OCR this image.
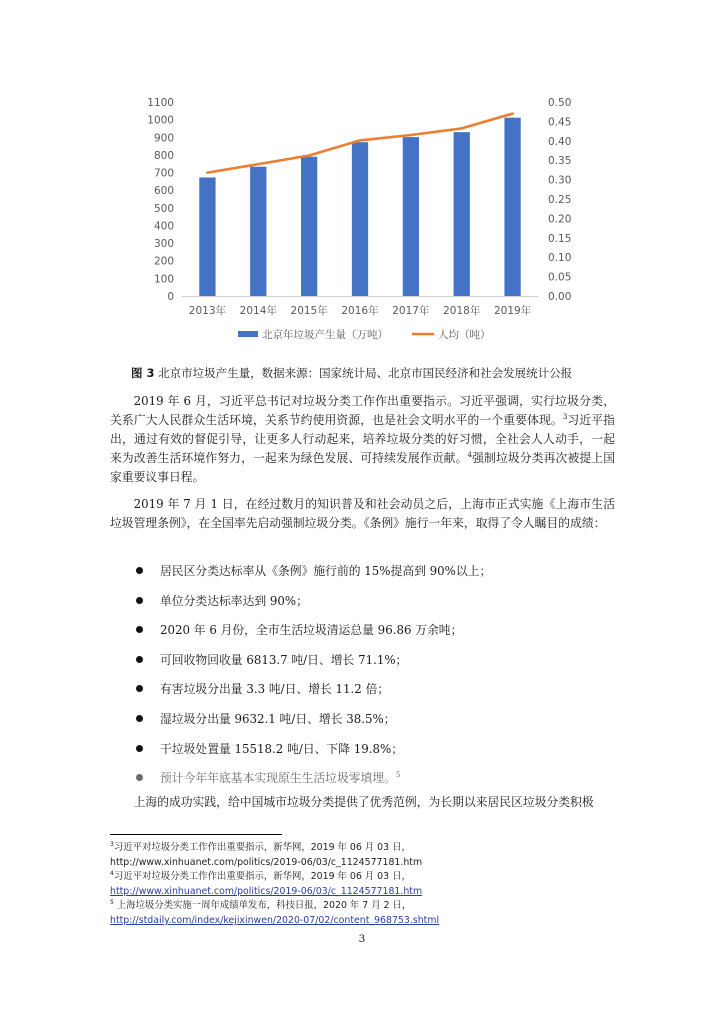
0
100
200
300
400
500
600
700
800
900
1000
1100
0.00
0.05
0.10
0.15
0.20
0.25
0.30
0.35
0.40
0.45
0.50
2013年 2014年 2015年 2016年 2017年 2018年 2019年
北京年垃圾产生量（万吨）	人均（吨）
图 3 北京市垃圾产生量，数据来源：国家统计局、北京市国民经济和社会发展统计公报

2019 年 6 月，习近平总书记对垃圾分类工作作出重要指示。习近平强调，实行垃圾分类，关系广大人民群众生活环境，关系节约使用资源，也是社会文明水平的一个重要体现。$^3$习近平指出，通过有效的督促引导，让更多人行动起来，培养垃圾分类的好习惯，全社会人人动手，一起来为改善生活环境作努力，一起来为绿色发展、可持续发展作贡献。$^4$强制垃圾分类再次被提上国家重要议事日程。

2019 年 7 月 1 日，在经过数月的知识普及和社会动员之后，上海市正式实施《上海市生活垃圾管理条例》，在全国率先启动强制垃圾分类。《条例》施行一年来，取得了令人瞩目的成绩：

居民区分类达标率从《条例》施行前的 15%提高到 90%以上；
单位分类达标率达到 90%；
2020 年 6 月份，全市生活垃圾清运总量 96.86 万余吨；
可回收物回收量 6813.7 吨/日、增长 71.1%；
有害垃圾分出量 3.3 吨/日、增长 11.2 倍；
湿垃圾分出量 9632.1 吨/日、增长 38.5%；
干垃圾处置量 15518.2 吨/日、下降 19.8%；
预计今年年底基本实现原生生活垃圾零填埋。$^5$

上海的成功实践，给中国城市垃圾分类提供了优秀范例，为长期以来居民区垃圾分类积极

$^3$习近平对垃圾分类工作作出重要指示，新华网，2019 年 06 月 03 日，
http://www.xinhuanet.com/politics/2019-06/03/c_1124577181.htm
$^4$习近平对垃圾分类工作作出重要指示，新华网，2019 年 06 月 03 日，
http://www.xinhuanet.com/politics/2019-06/03/c_1124577181.htm
$^5$ 上海垃圾分类实施一周年成绩单发布，科技日报，2020 年 7 月 2 日，
http://stdaily.com/index/kejixinwen/2020-07/02/content_968753.shtml
3
